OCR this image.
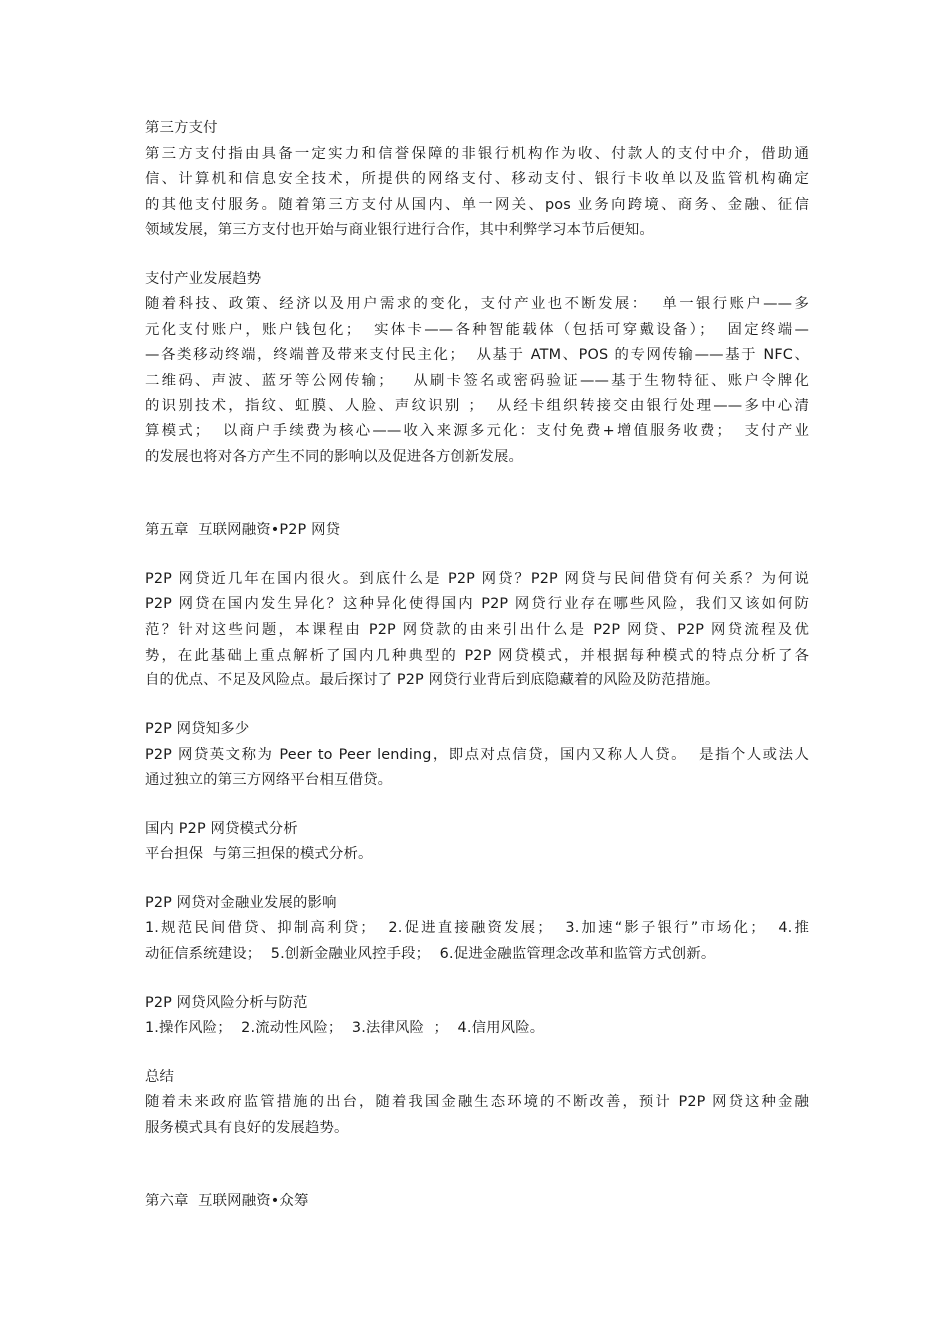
第三方支付
第三方支付指由具备一定实力和信誉保障的非银行机构作为收、付款人的支付中介，借助通
信、计算机和信息安全技术，所提供的网络支付、移动支付、银行卡收单以及监管机构确定
的其他支付服务。随着第三方支付从国内、单一网关、pos 业务向跨境、商务、金融、征信
领域发展，第三方支付也开始与商业银行进行合作，其中利弊学习本节后便知。
支付产业发展趋势
随着科技、政策、经济以及用户需求的变化，支付产业也不断发展：  单一银行账户——多
元化支付账户，账户钱包化；  实体卡——各种智能载体（包括可穿戴设备）；  固定终端—
—各类移动终端，终端普及带来支付民主化；  从基于 ATM、POS 的专网传输——基于 NFC、
二维码、声波、蓝牙等公网传输；   从刷卡签名或密码验证——基于生物特征、账户令牌化
的识别技术，指纹、虹膜、人脸、声纹识别 ；  从经卡组织转接交由银行处理——多中心清
算模式；  以商户手续费为核心——收入来源多元化：支付免费+增值服务收费；  支付产业
的发展也将对各方产生不同的影响以及促进各方创新发展。
第五章  互联网融资•P2P 网贷
P2P 网贷近几年在国内很火。到底什么是 P2P 网贷？P2P 网贷与民间借贷有何关系？为何说
P2P 网贷在国内发生异化？这种异化使得国内 P2P 网贷行业存在哪些风险，我们又该如何防
范？针对这些问题，本课程由 P2P 网贷款的由来引出什么是 P2P 网贷、P2P 网贷流程及优
势，在此基础上重点解析了国内几种典型的 P2P 网贷模式，并根据每种模式的特点分析了各
自的优点、不足及风险点。最后探讨了 P2P 网贷行业背后到底隐藏着的风险及防范措施。
P2P 网贷知多少
P2P 网贷英文称为 Peer to Peer lending，即点对点信贷，国内又称人人贷。  是指个人或法人
通过独立的第三方网络平台相互借贷。
国内 P2P 网贷模式分析
平台担保  与第三担保的模式分析。
P2P 网贷对金融业发展的影响
1.规范民间借贷、抑制高利贷；  2.促进直接融资发展；  3.加速“影子银行”市场化；  4.推
动征信系统建设；  5.创新金融业风控手段；  6.促进金融监管理念改革和监管方式创新。
P2P 网贷风险分析与防范
1.操作风险；  2.流动性风险；  3.法律风险  ；  4.信用风险。
总结
随着未来政府监管措施的出台，随着我国金融生态环境的不断改善，预计 P2P 网贷这种金融
服务模式具有良好的发展趋势。
第六章  互联网融资•众筹
